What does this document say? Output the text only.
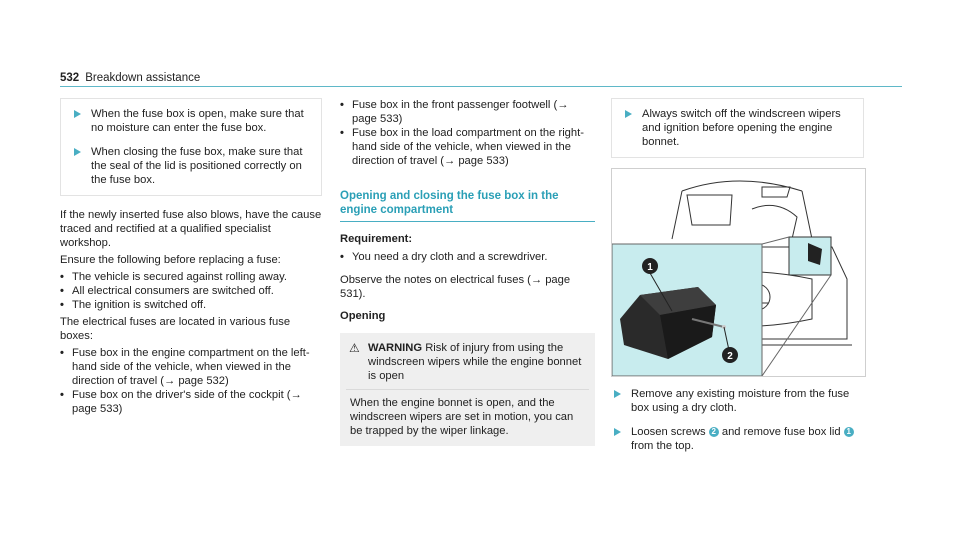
532 Breakdown assistance
When the fuse box is open, make sure that no moisture can enter the fuse box.
When closing the fuse box, make sure that the seal of the lid is positioned correctly on the fuse box.

If the newly inserted fuse also blows, have the cause traced and rectified at a qualified specialist workshop.

Ensure the following before replacing a fuse:

• The vehicle is secured against rolling away.
• All electrical consumers are switched off.
• The ignition is switched off.

The electrical fuses are located in various fuse boxes:

• Fuse box in the engine compartment on the left-hand side of the vehicle, when viewed in the direction of travel (→ page 532)
• Fuse box on the driver's side of the cockpit (→ page 533)
• Fuse box in the front passenger footwell (→ page 533)
• Fuse box in the load compartment on the right-hand side of the vehicle, when viewed in the direction of travel (→ page 533)
Opening and closing the fuse box in the engine compartment
Requirement:
• You need a dry cloth and a screwdriver.

Observe the notes on electrical fuses (→ page 531).

Opening
⚠ WARNING Risk of injury from using the windscreen wipers while the engine bonnet is open
When the engine bonnet is open, and the windscreen wipers are set in motion, you can be trapped by the wiper linkage.
Always switch off the windscreen wipers and ignition before opening the engine bonnet.
1
2
Remove any existing moisture from the fuse box using a dry cloth.
Loosen screws 2 and remove fuse box lid 1 from the top.
